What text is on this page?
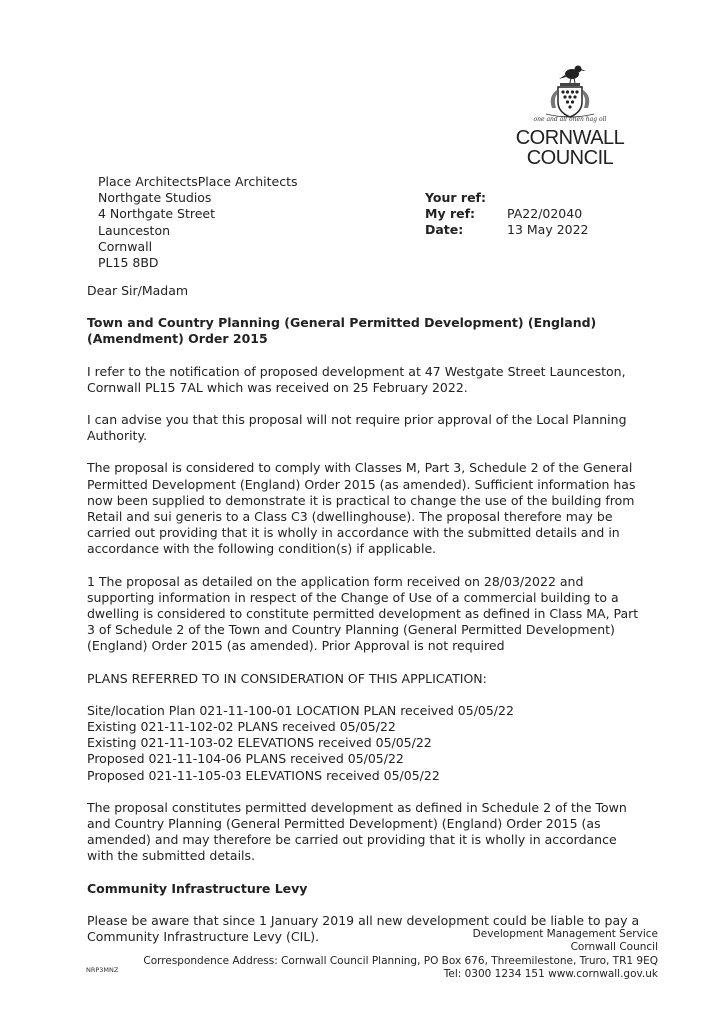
one and all onen hag oll
CORNWALL
COUNCIL
Place ArchitectsPlace Architects
Northgate Studios
4 Northgate Street
Launceston
Cornwall
PL15 8BD
Your ref:
My ref:	PA22/02040
Date:	13 May 2022

Dear Sir/Madam

Town and Country Planning (General Permitted Development) (England) (Amendment) Order 2015

I refer to the notification of proposed development at 47 Westgate Street Launceston, Cornwall PL15 7AL which was received on 25 February 2022.

I can advise you that this proposal will not require prior approval of the Local Planning Authority.

The proposal is considered to comply with Classes M, Part 3, Schedule 2 of the General Permitted Development (England) Order 2015 (as amended). Sufficient information has now been supplied to demonstrate it is practical to change the use of the building from Retail and sui generis to a Class C3 (dwellinghouse). The proposal therefore may be carried out providing that it is wholly in accordance with the submitted details and in accordance with the following condition(s) if applicable.

1 The proposal as detailed on the application form received on 28/03/2022 and supporting information in respect of the Change of Use of a commercial building to a dwelling is considered to constitute permitted development as defined in Class MA, Part 3 of Schedule 2 of the Town and Country Planning (General Permitted Development) (England) Order 2015 (as amended). Prior Approval is not required

PLANS REFERRED TO IN CONSIDERATION OF THIS APPLICATION:

Site/location Plan 021-11-100-01 LOCATION PLAN received 05/05/22

Existing 021-11-102-02 PLANS received 05/05/22

Existing 021-11-103-02 ELEVATIONS received 05/05/22

Proposed 021-11-104-06 PLANS received 05/05/22

Proposed 021-11-105-03 ELEVATIONS received 05/05/22

The proposal constitutes permitted development as defined in Schedule 2 of the Town and Country Planning (General Permitted Development) (England) Order 2015 (as amended) and may therefore be carried out providing that it is wholly in accordance with the submitted details.

Community Infrastructure Levy

Please be aware that since 1 January 2019 all new development could be liable to pay a Community Infrastructure Levy (CIL).	Development Management Service
Cornwall Council
Correspondence Address: Cornwall Council Planning, PO Box 676, Threemilestone, Truro, TR1 9EQ
Tel: 0300 1234 151 www.cornwall.gov.uk
NRP3MNZ
